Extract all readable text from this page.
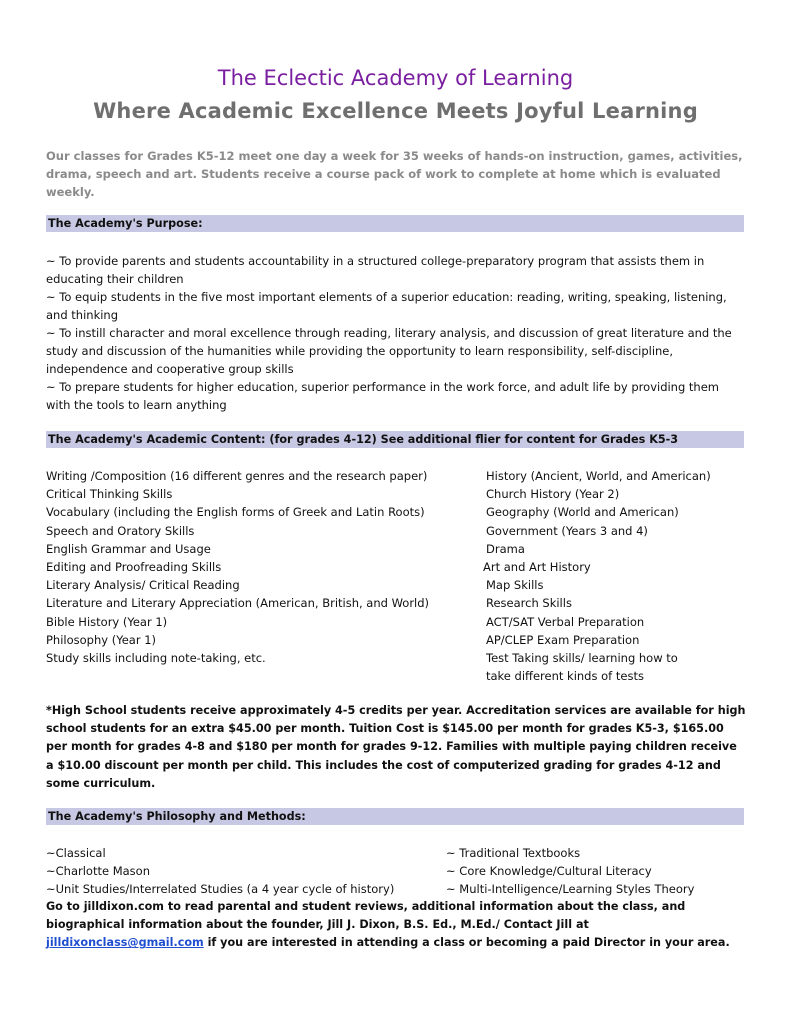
The Eclectic Academy of Learning
Where Academic Excellence Meets Joyful Learning
Our classes for Grades K5-12 meet one day a week for 35 weeks of hands-on instruction, games, activities, drama, speech and art. Students receive a course pack of work to complete at home which is evaluated weekly.
The Academy's Purpose:

~ To provide parents and students accountability in a structured college-preparatory program that assists them in educating their children

~ To equip students in the five most important elements of a superior education: reading, writing, speaking, listening, and thinking

~ To instill character and moral excellence through reading, literary analysis, and discussion of great literature and the study and discussion of the humanities while providing the opportunity to learn responsibility, self-discipline, independence and cooperative group skills

~ To prepare students for higher education, superior performance in the work force, and adult life by providing them with the tools to learn anything

The Academy's Academic Content: (for grades 4-12) See additional flier for content for Grades K5-3
Writing /Composition (16 different genres and the research paper)
Critical Thinking Skills
Vocabulary (including the English forms of Greek and Latin Roots)
Speech and Oratory Skills
English Grammar and Usage
Editing and Proofreading Skills
Literary Analysis/ Critical Reading
Literature and Literary Appreciation (American, British, and World)
Bible History (Year 1)
Philosophy (Year 1)
Study skills including note-taking, etc.
History (Ancient, World, and American)
Church History (Year 2)
Geography (World and American)
Government (Years 3 and 4)
Drama
Art and Art History
Map Skills
Research Skills
ACT/SAT Verbal Preparation
AP/CLEP Exam Preparation
Test Taking skills/ learning how to
take different kinds of tests
*High School students receive approximately 4-5 credits per year. Accreditation services are available for high school students for an extra $45.00 per month. Tuition Cost is $145.00 per month for grades K5-3, $165.00 per month for grades 4-8 and $180 per month for grades 9-12. Families with multiple paying children receive a $10.00 discount per month per child. This includes the cost of computerized grading for grades 4-12 and some curriculum.
The Academy's Philosophy and Methods:
~Classical
~Charlotte Mason
~Unit Studies/Interrelated Studies (a 4 year cycle of history)
~ Traditional Textbooks
~ Core Knowledge/Cultural Literacy
~ Multi-Intelligence/Learning Styles Theory
Go to jilldixon.com to read parental and student reviews, additional information about the class, and biographical information about the founder, Jill J. Dixon, B.S. Ed., M.Ed./ Contact Jill at
jilldixonclass@gmail.com if you are interested in attending a class or becoming a paid Director in your area.
